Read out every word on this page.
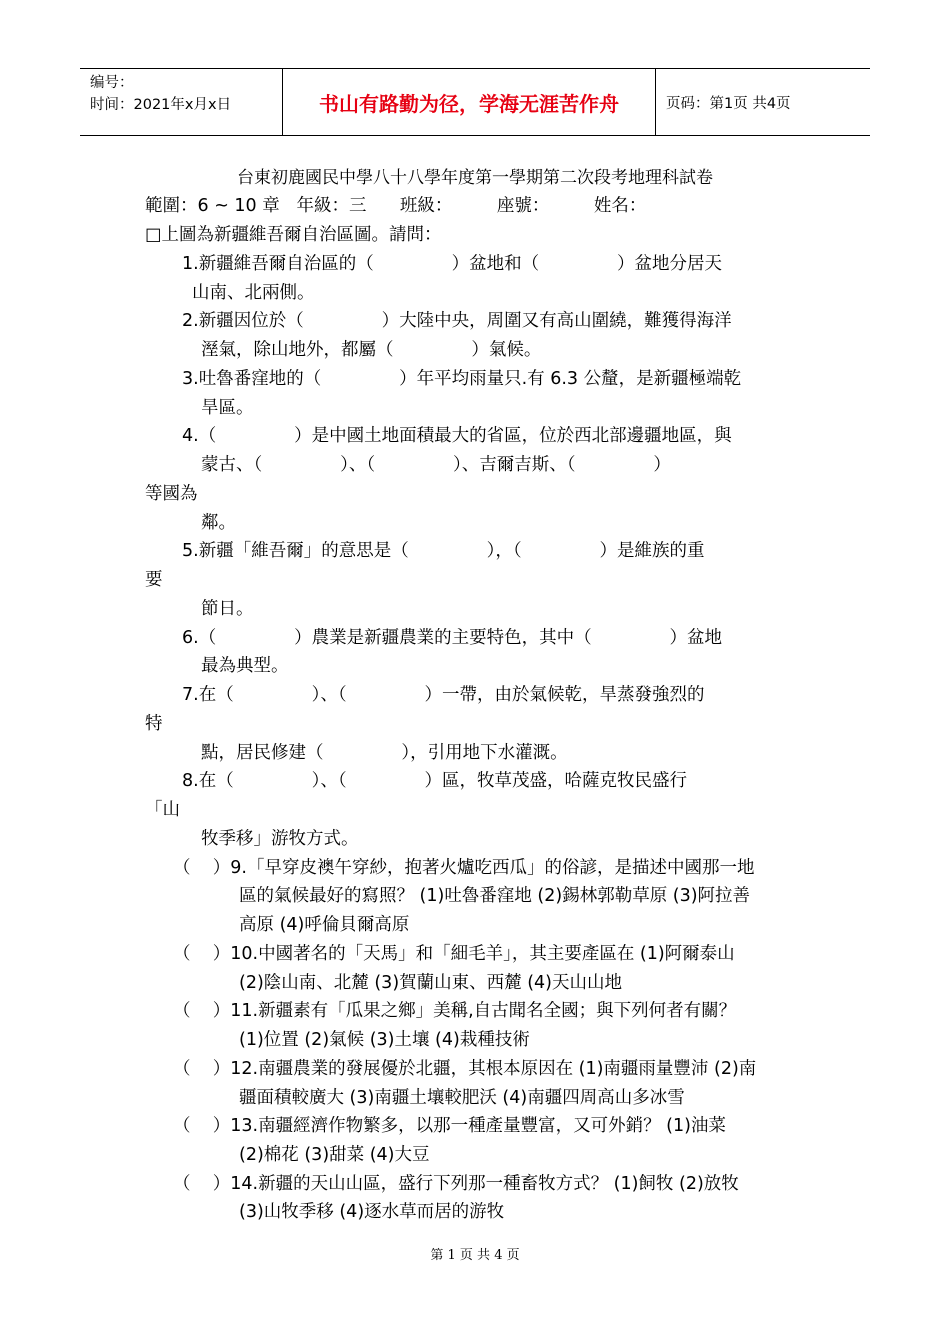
编号：
时间：2021年x月x日	书山有路勤为径，学海无涯苦作舟	页码：第1页 共4页
台東初鹿國民中學八十八學年度第一學期第二次段考地理科試卷
範圍：6 ~ 10 章   年級：三      班級：        座號：        姓名：
□上圖為新疆維吾爾自治區圖。請問：
1.新疆維吾爾自治區的（              ）盆地和（              ）盆地分居天
山南、北兩側。
2.新疆因位於（              ）大陸中央，周圍又有高山圍繞，難獲得海洋
溼氣，除山地外，都屬（              ）氣候。
3.吐魯番窪地的（              ）年平均雨量只.有 6.3 公釐，是新疆極端乾
旱區。
4.（              ）是中國土地面積最大的省區，位於西北部邊疆地區，與
蒙古、（              ）、（              ）、吉爾吉斯、（              ）
等國為
鄰。
5.新疆「維吾爾」的意思是（              ），（              ）是維族的重
要
節日。
6.（              ）農業是新疆農業的主要特色，其中（              ）盆地
最為典型。
7.在（              ）、（              ）一帶，由於氣候乾，旱蒸發強烈的
特
點，居民修建（              ），引用地下水灌溉。
8.在（              ）、（              ）區，牧草茂盛，哈薩克牧民盛行
「山
牧季移」游牧方式。
（    ）9.「早穿皮襖午穿紗，抱著火爐吃西瓜」的俗諺，是描述中國那一地
區的氣候最好的寫照？ (1)吐魯番窪地 (2)錫林郭勒草原 (3)阿拉善
高原 (4)呼倫貝爾高原
（    ）10.中國著名的「天馬」和「細毛羊」，其主要產區在 (1)阿爾泰山
(2)陰山南、北麓 (3)賀蘭山東、西麓 (4)天山山地
（    ）11.新疆素有「瓜果之鄉」美稱,自古聞名全國；與下列何者有關？
(1)位置 (2)氣候 (3)土壤 (4)栽種技術
（    ）12.南疆農業的發展優於北疆，其根本原因在 (1)南疆雨量豐沛 (2)南
疆面積較廣大 (3)南疆土壤較肥沃 (4)南疆四周高山多冰雪
（    ）13.南疆經濟作物繁多，以那一種產量豐富，又可外銷？ (1)油菜
(2)棉花 (3)甜菜 (4)大豆
（    ）14.新疆的天山山區，盛行下列那一種畜牧方式？ (1)飼牧 (2)放牧
(3)山牧季移 (4)逐水草而居的游牧
第 1 页 共 4 页
